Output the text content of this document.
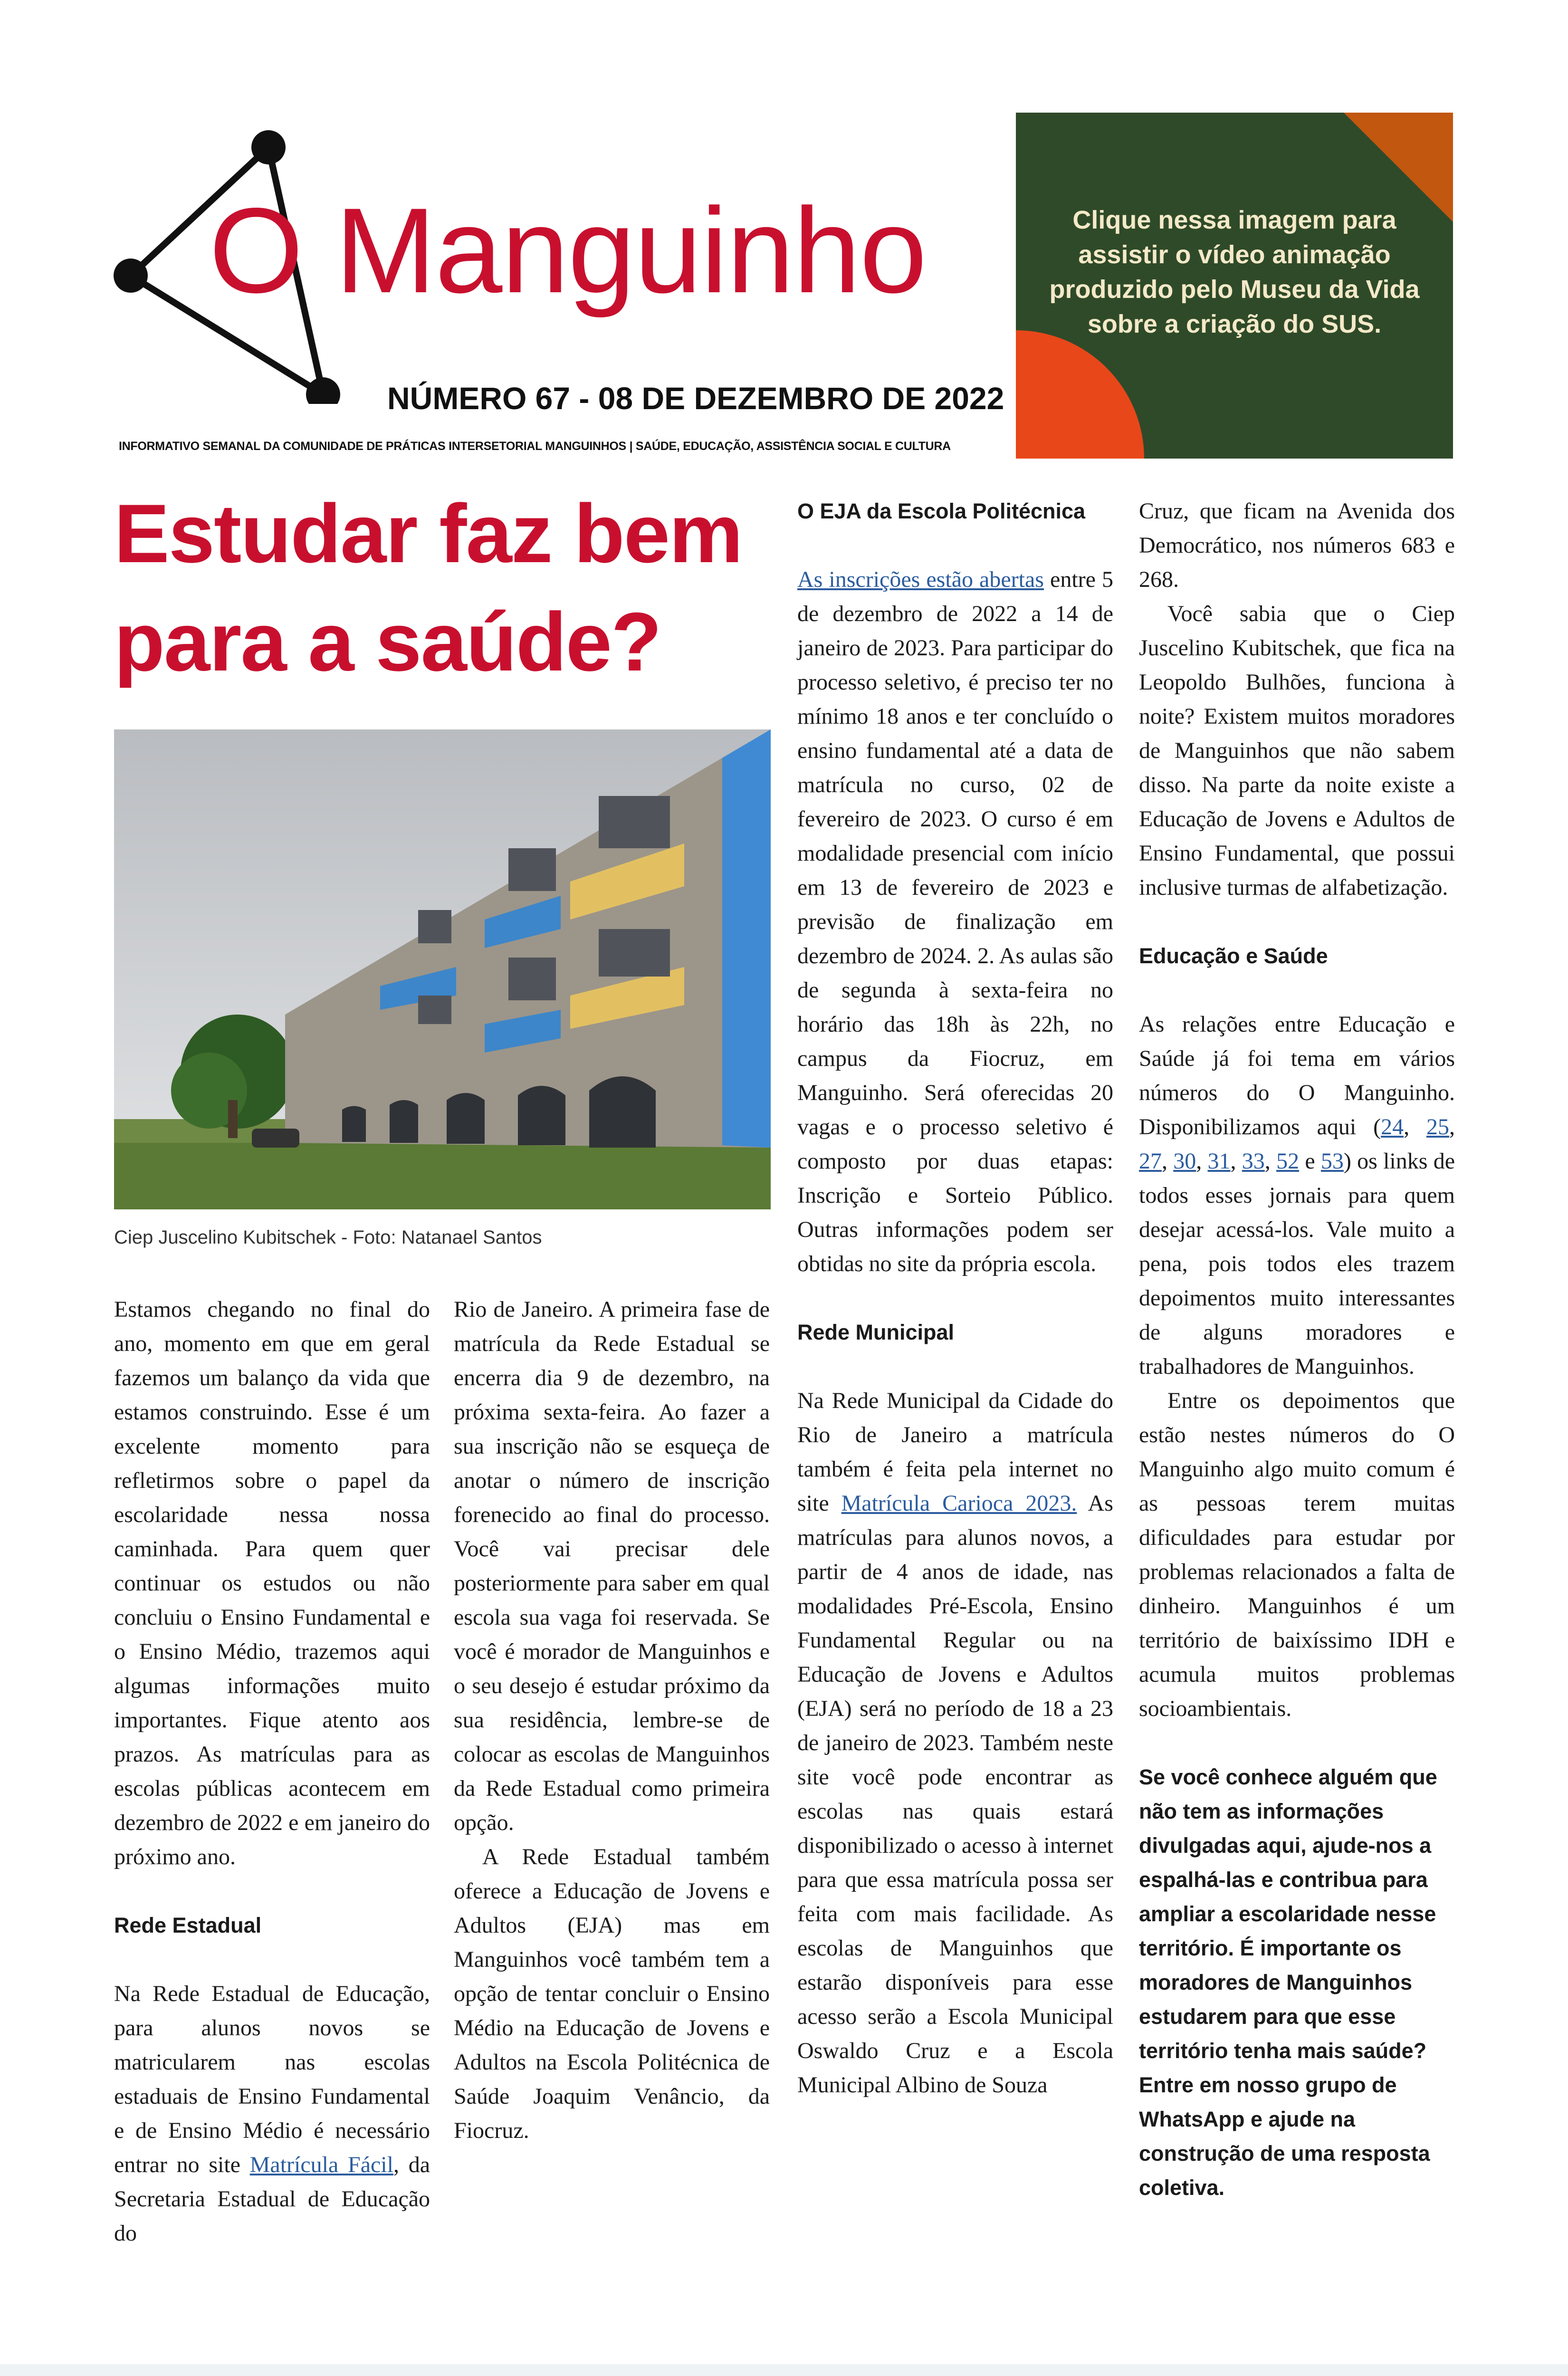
O Manguinho
NÚMERO 67 - 08 DE DEZEMBRO DE 2022
INFORMATIVO SEMANAL DA COMUNIDADE DE PRÁTICAS INTERSETORIAL MANGUINHOS | SAÚDE, EDUCAÇÃO, ASSISTÊNCIA SOCIAL E CULTURA
Clique nessa imagem para assistir o vídeo animação produzido pelo Museu da Vida sobre a criação do SUS.
Estudar faz bem
para a saúde?
Ciep Juscelino Kubitschek - Foto: Natanael Santos

Estamos chegando no final do ano, momento em que em geral fazemos um balanço da vida que estamos construindo. Esse é um excelente momento para refletirmos sobre o papel da escolaridade nessa nossa caminhada. Para quem quer continuar os estudos ou não concluiu o Ensino Fundamental e o Ensino Médio, trazemos aqui algumas informações muito importantes. Fique atento aos prazos. As matrículas para as escolas públicas acontecem em dezembro de 2022 e em janeiro do próximo ano.

Rede Estadual

Na Rede Estadual de Educação, para alunos novos se matricularem nas escolas estaduais de Ensino Fundamental e de Ensino Médio é necessário entrar no site Matrícula Fácil, da Secretaria Estadual de Educação do

Rio de Janeiro. A primeira fase de matrícula da Rede Estadual se encerra dia 9 de dezembro, na próxima sexta-feira. Ao fazer a sua inscrição não se esqueça de anotar o número de inscrição forenecido ao final do processo. Você vai precisar dele posteriormente para saber em qual escola sua vaga foi reservada. Se você é morador de Manguinhos e o seu desejo é estudar próximo da sua residência, lembre-se de colocar as escolas de Manguinhos da Rede Estadual como primeira opção.

A Rede Estadual também oferece a Educação de Jovens e Adultos (EJA) mas em Manguinhos você também tem a opção de tentar concluir o Ensino Médio na Educação de Jovens e Adultos na Escola Politécnica de Saúde Joaquim Venâncio, da Fiocruz.

O EJA da Escola Politécnica

As inscrições estão abertas entre 5 de dezembro de 2022 a 14 de janeiro de 2023. Para participar do processo seletivo, é preciso ter no mínimo 18 anos e ter concluído o ensino fundamental até a data de matrícula no curso, 02 de fevereiro de 2023. O curso é em modalidade presencial com início em 13 de fevereiro de 2023 e previsão de finalização em dezembro de 2024. 2. As aulas são de segunda à sexta-feira no horário das 18h às 22h, no campus da Fiocruz, em Manguinho. Será oferecidas 20 vagas e o processo seletivo é composto por duas etapas: Inscrição e Sorteio Público. Outras informações podem ser obtidas no site da própria escola.

Rede Municipal

Na Rede Municipal da Cidade do Rio de Janeiro a matrícula também é feita pela internet no site Matrícula Carioca 2023. As matrículas para alunos novos, a partir de 4 anos de idade, nas modalidades Pré-Escola, Ensino Fundamental Regular ou na Educação de Jovens e Adultos (EJA) será no período de 18 a 23 de janeiro de 2023. Também neste site você pode encontrar as escolas nas quais estará disponibilizado o acesso à internet para que essa matrícula possa ser feita com mais facilidade. As escolas de Manguinhos que estarão disponíveis para esse acesso serão a Escola Municipal Oswaldo Cruz e a Escola Municipal Albino de Souza

Cruz, que ficam na Avenida dos Democrático, nos números 683 e 268.

Você sabia que o Ciep Juscelino Kubitschek, que fica na Leopoldo Bulhões, funciona à noite? Existem muitos moradores de Manguinhos que não sabem disso. Na parte da noite existe a Educação de Jovens e Adultos de Ensino Fundamental, que possui inclusive turmas de alfabetização.

Educação e Saúde

As relações entre Educação e Saúde já foi tema em vários números do O Manguinho. Disponibilizamos aqui (24, 25, 27, 30, 31, 33, 52 e 53) os links de todos esses jornais para quem desejar acessá-los. Vale muito a pena, pois todos eles trazem depoimentos muito interessantes de alguns moradores e trabalhadores de Manguinhos.

Entre os depoimentos que estão nestes números do O Manguinho algo muito comum é as pessoas terem muitas dificuldades para estudar por problemas relacionados a falta de dinheiro. Manguinhos é um território de baixíssimo IDH e acumula muitos problemas socioambientais.

Se você conhece alguém que não tem as informações divulgadas aqui, ajude-nos a espalhá-las e contribua para ampliar a escolaridade nesse território. É importante os moradores de Manguinhos estudarem para que esse território tenha mais saúde? Entre em nosso grupo de WhatsApp e ajude na construção de uma resposta coletiva.
